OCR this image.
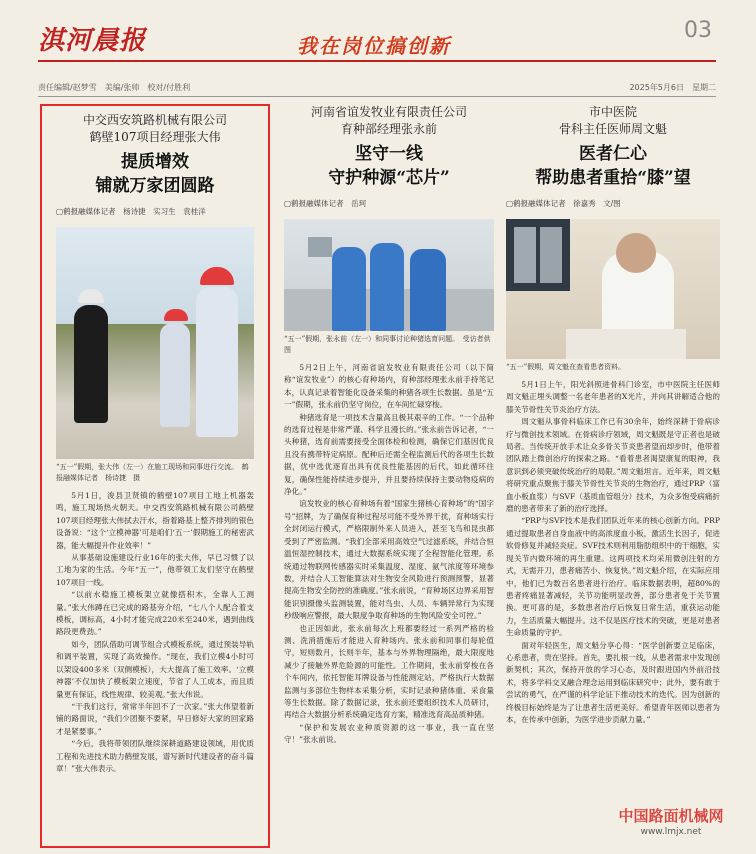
淇河晨报	我在岗位搞创新
03
责任编辑/赵梦雪　美编/张帅　校对/付胜利	2025年5月6日　星期二
中交西安筑路机械有限公司
鹤壁107项目经理张大伟
提质增效
铺就万家团圆路
▢鹤报融媒体记者　杨诗捷　实习生　袁桂洋
“五一”假期，张大伟（左一）在施工现场和同事进行交流。　鹤报融媒体记者　杨诗捷　摄

5月1日，浚县卫贤镇的鹤壁107项目工地上机器轰鸣，施工现场热火朝天。中交西安筑路机械有限公司鹤壁107项目经理张大伟拭去汗水，指着路基上整齐排列的银色设备说：“这个‘立模神器’可是咱们‘五一’假期施工的秘密武器，能大幅提升作业效率！”

从事基础设施建设行业16年的张大伟，早已习惯了以工地为家的生活。今年“五一”，他带领工友们坚守在鹤壁107项目一线。

“以前水稳施工模板架立就像搭积木，全靠人工测量。”张大伟蹲在已完成的路基旁介绍，“七八个人配合着支模板，调标高，4小时才能完成220米至240米，遇到曲线路段更费劲。”

如今，团队借助可调节组合式模板系统，通过预装导轨和调平装置，实现了高效操作。“现在，我们立模4小时可以架设400多米（双侧模板），大大提高了施工效率。‘立模神器’不仅加快了模板架立速度，节省了人工成本，而且质量更有保证，线性规律、较美观。”张大伟说。

“干我们这行，常常半年回不了一次家。”张大伟望着新铺的路面说，“我们少团聚不要紧，早日修好大家的回家路才是紧要事。”

“今后，我将带领团队继续深耕道路建设领域，用优质工程和先进技术助力鹤壁发展，谱写新时代建设者的奋斗篇章！”张大伟表示。

河南省谊发牧业有限责任公司
育种部经理张永前
坚守一线
守护种源“芯片”
▢鹤报融媒体记者　岳珂
“五一”假期，张永前（左一）和同事讨论种猪选育问题。　受访者供图

5月2日上午，河南省谊发牧业有限责任公司（以下简称“谊发牧业”）的核心育种场内，育种部经理张永前手持笔记本，认真记录着智能化设备采集的种猪各项生长数据。虽是“五一”假期，张永前仍坚守岗位，在车间忙碌穿梭。

种猪选育是一项技术含量高且极其艰辛的工作。“一个品种的选育过程是非常严谨、科学且漫长的。”张永前告诉记者，“一头种猪，选育前需要接受全面体检和检测，确保它们基因优良且没有携带特定病原。配种后还需全程监测后代的各项生长数据，优中选优逐育出具有优良性能基因的后代，如此循环往复，确保性能持续进步提升，并且要持续保持主要动物疫病的净化。”

谊发牧业的核心育种场有着“国家生猪核心育种场”的“国字号”招牌，为了确保育种过程尽可能不受外界干扰，育种场实行全封闭运行模式，严格限制外来人员进入，甚至飞鸟和昆虫都受到了严密监测。“我们全部采用高效空气过滤系统，并结合恒温恒湿控制技术，通过大数据系统实现了全程智能化管理。系统通过物联网传感器实时采集温度、湿度、氨气浓度等环境参数，并结合人工智能算法对生物安全风险进行预测预警，显著提高生物安全防控的准确度。”张永前说，“育种场区边界采用智能识别摄像头监测装置，能对鸟虫、人员、车辆异常行为实现秒级响应警报，最大限度争取育种场的生物风险安全可控。”

也正因如此，张永前每次上班都要经过一系列严格的检测、洗消措施后才能进入育种场内。张永前和同事们每轮值守，短则数月，长则半年，基本与外界物理隔绝，最大限度地减少了接触外界危险源的可能性。工作期间，张永前穿梭在各个车间内，依托智能耳牌设备与性能测定站，严格执行大数据监测与多部位生物样本采集分析，实时记录种猪体重、采食量等生长数据。除了数据记录，张永前还要组织技术人员研讨，再结合大数据分析系统确定选育方案，精准选育高品质种猪。

“保护和发展农业种质资源的这一事业，我一直在坚守！”张永前说。

市中医院
骨科主任医师周文魁
医者仁心
帮助患者重拾“膝”望
▢鹤报融媒体记者　徐嘉秀　文/图
“五一”假期，周文魁在查看患者资料。

5月1日上午，阳光斜照进骨科门诊室，市中医院主任医师周文魁正埋头调整一名老年患者的X光片，并向其讲解适合他的膝关节骨性关节炎治疗方法。

周文魁从事骨科临床工作已有30余年，始终深耕于骨病诊疗与微创技术领域。在骨病诊疗领域，周文魁既是守正者也是破局者。当传统开放手术让众多骨关节炎患者望而却步时，他带着团队踏上微创治疗的探索之路。“看着患者渴望康复的眼神，我意识到必须突破传统治疗的局限。”周文魁坦言。近年来，周文魁将研究重点聚焦于膝关节骨性关节炎的生物治疗，通过PRP（富血小板血浆）与SVF（基质血管组分）技术，为众多饱受病痛折磨的患者带来了新的治疗选择。

“PRP与SVF技术是我们团队近年来的核心创新方向。PRP通过提取患者自身血液中的高浓度血小板，激活生长因子，促进软骨修复并减轻炎症。SVF技术则利用脂肪组织中的干细胞，实现关节内微环境的再生重建。这两项技术均采用微创注射的方式，无需开刀，患者痛苦小、恢复快。”周文魁介绍，在实际应用中，他们已为数百名患者进行治疗。临床数据表明，超80%的患者疼痛显著减轻，关节功能明显改善，部分患者免于关节置换。更可喜的是，多数患者治疗后恢复日常生活，重获运动能力，生活质量大幅提升。这不仅是医疗技术的突破，更是对患者生命质量的守护。

面对年轻医生，周文魁分享心得：“医学创新要立足临床，心系患者，贵在坚持。首先，要扎根一线，从患者需求中发现创新契机；其次，保持开放的学习心态，及时跟进国内外前沿技术，将多学科交叉融合理念运用到临床研究中；此外，要有敢于尝试的勇气，在严谨的科学论证下推动技术的迭代。因为创新的终极目标始终是为了让患者生活更美好。希望青年医师以患者为本，在传承中创新，为医学进步贡献力量。”

中国路面机械网
www.lmjx.net
